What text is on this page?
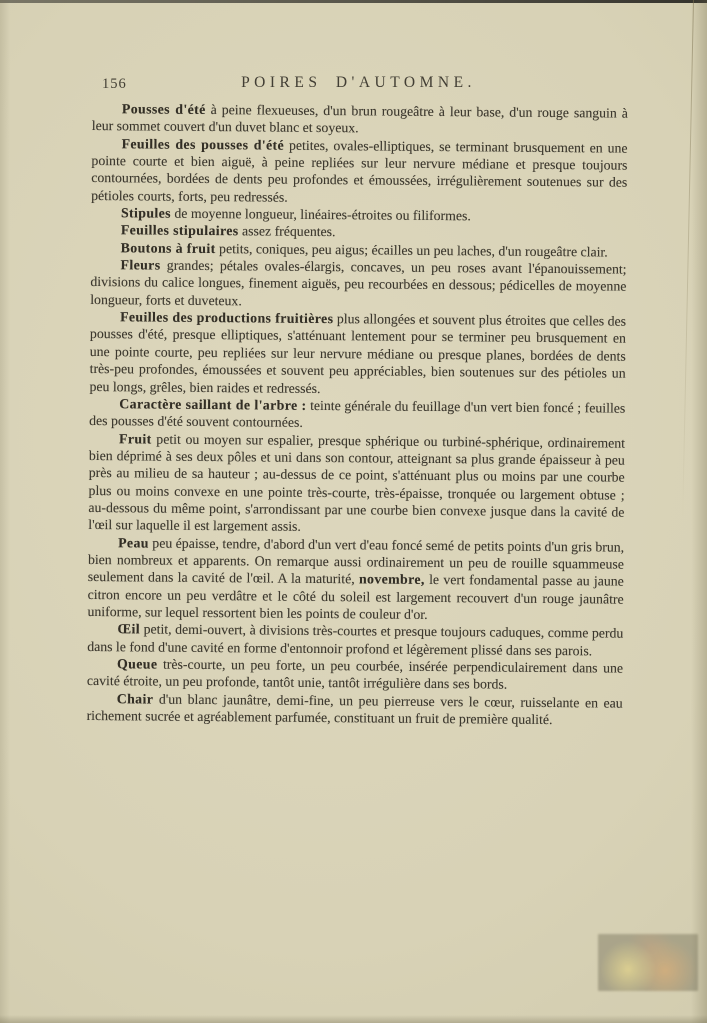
156	POIRES D'AUTOMNE.

Pousses d'été à peine flexueuses, d'un brun rougeâtre à leur base, d'un rouge sanguin à leur sommet couvert d'un duvet blanc et soyeux.

Feuilles des pousses d'été petites, ovales-elliptiques, se terminant brusquement en une pointe courte et bien aiguë, à peine repliées sur leur nervure médiane et presque toujours contournées, bordées de dents peu profondes et émoussées, irrégulièrement soutenues sur des pétioles courts, forts, peu redressés.

Stipules de moyenne longueur, linéaires-étroites ou filiformes.

Feuilles stipulaires assez fréquentes.

Boutons à fruit petits, coniques, peu aigus; écailles un peu laches, d'un rougeâtre clair.

Fleurs grandes; pétales ovales-élargis, concaves, un peu roses avant l'épanouissement; divisions du calice longues, finement aiguës, peu recourbées en dessous; pédicelles de moyenne longueur, forts et duveteux.

Feuilles des productions fruitières plus allongées et souvent plus étroites que celles des pousses d'été, presque elliptiques, s'atténuant lentement pour se terminer peu brusquement en une pointe courte, peu repliées sur leur nervure médiane ou presque planes, bordées de dents très-peu profondes, émoussées et souvent peu appréciables, bien soutenues sur des pétioles un peu longs, grêles, bien raides et redressés.

Caractère saillant de l'arbre : teinte générale du feuillage d'un vert bien foncé ; feuilles des pousses d'été souvent contournées.

Fruit petit ou moyen sur espalier, presque sphérique ou turbiné-sphérique, ordinairement bien déprimé à ses deux pôles et uni dans son contour, atteignant sa plus grande épaisseur à peu près au milieu de sa hauteur ; au-dessus de ce point, s'atténuant plus ou moins par une courbe plus ou moins convexe en une pointe très-courte, très-épaisse, tronquée ou largement obtuse ; au-dessous du même point, s'arrondissant par une courbe bien convexe jusque dans la cavité de l'œil sur laquelle il est largement assis.

Peau peu épaisse, tendre, d'abord d'un vert d'eau foncé semé de petits points d'un gris brun, bien nombreux et apparents. On remarque aussi ordinairement un peu de rouille squammeuse seulement dans la cavité de l'œil. A la maturité, novembre, le vert fondamental passe au jaune citron encore un peu verdâtre et le côté du soleil est largement recouvert d'un rouge jaunâtre uniforme, sur lequel ressortent bien les points de couleur d'or.

Œil petit, demi-ouvert, à divisions très-courtes et presque toujours caduques, comme perdu dans le fond d'une cavité en forme d'entonnoir profond et légèrement plissé dans ses parois.

Queue très-courte, un peu forte, un peu courbée, insérée perpendiculairement dans une cavité étroite, un peu profonde, tantôt unie, tantôt irrégulière dans ses bords.

Chair d'un blanc jaunâtre, demi-fine, un peu pierreuse vers le cœur, ruisselante en eau richement sucrée et agréablement parfumée, constituant un fruit de première qualité.
